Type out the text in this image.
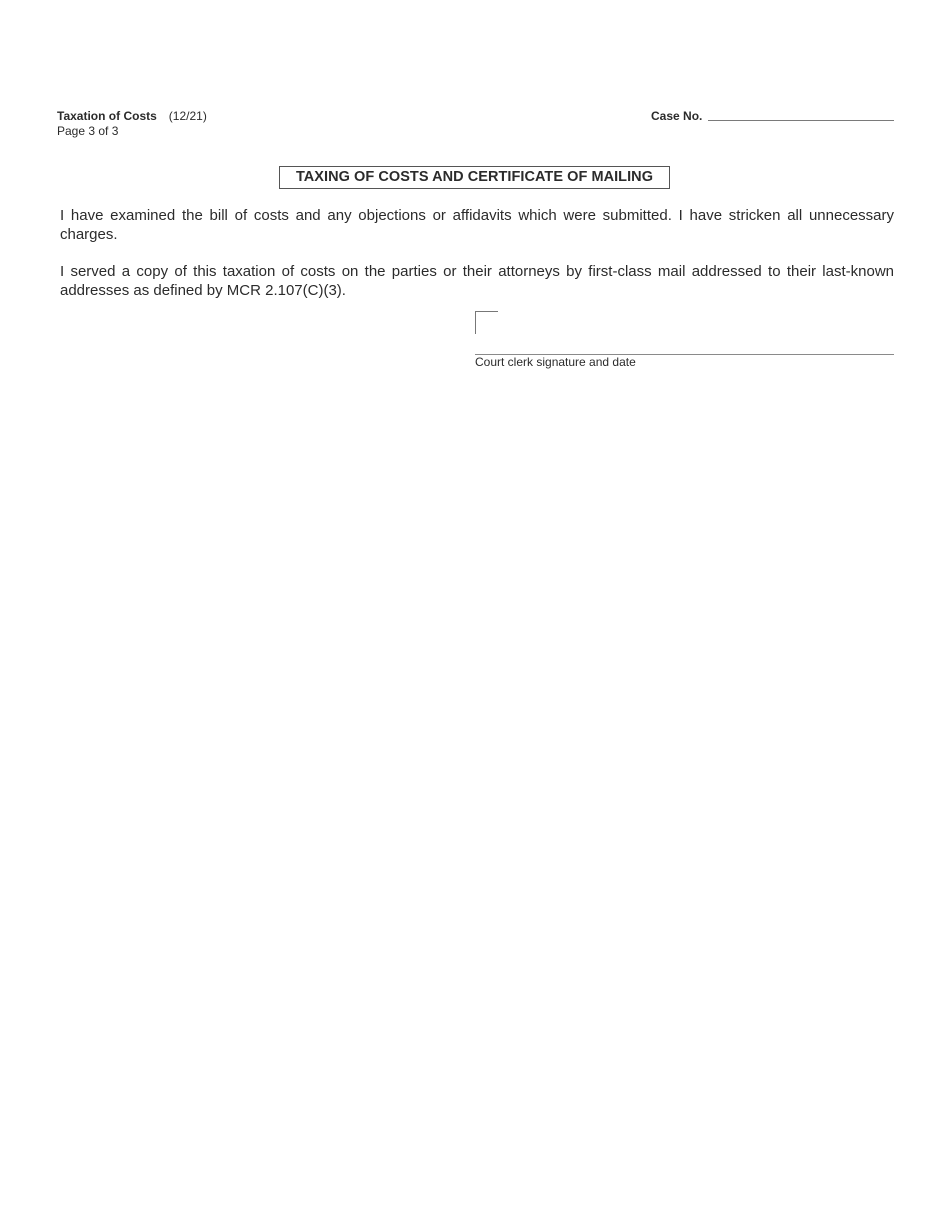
Taxation of Costs (12/21)
Page 3 of 3
Case No.
TAXING OF COSTS AND CERTIFICATE OF MAILING
I have examined the bill of costs and any objections or affidavits which were submitted. I have stricken all unnecessary charges.
I served a copy of this taxation of costs on the parties or their attorneys by first-class mail addressed to their last-known addresses as defined by MCR 2.107(C)(3).
Court clerk signature and date
